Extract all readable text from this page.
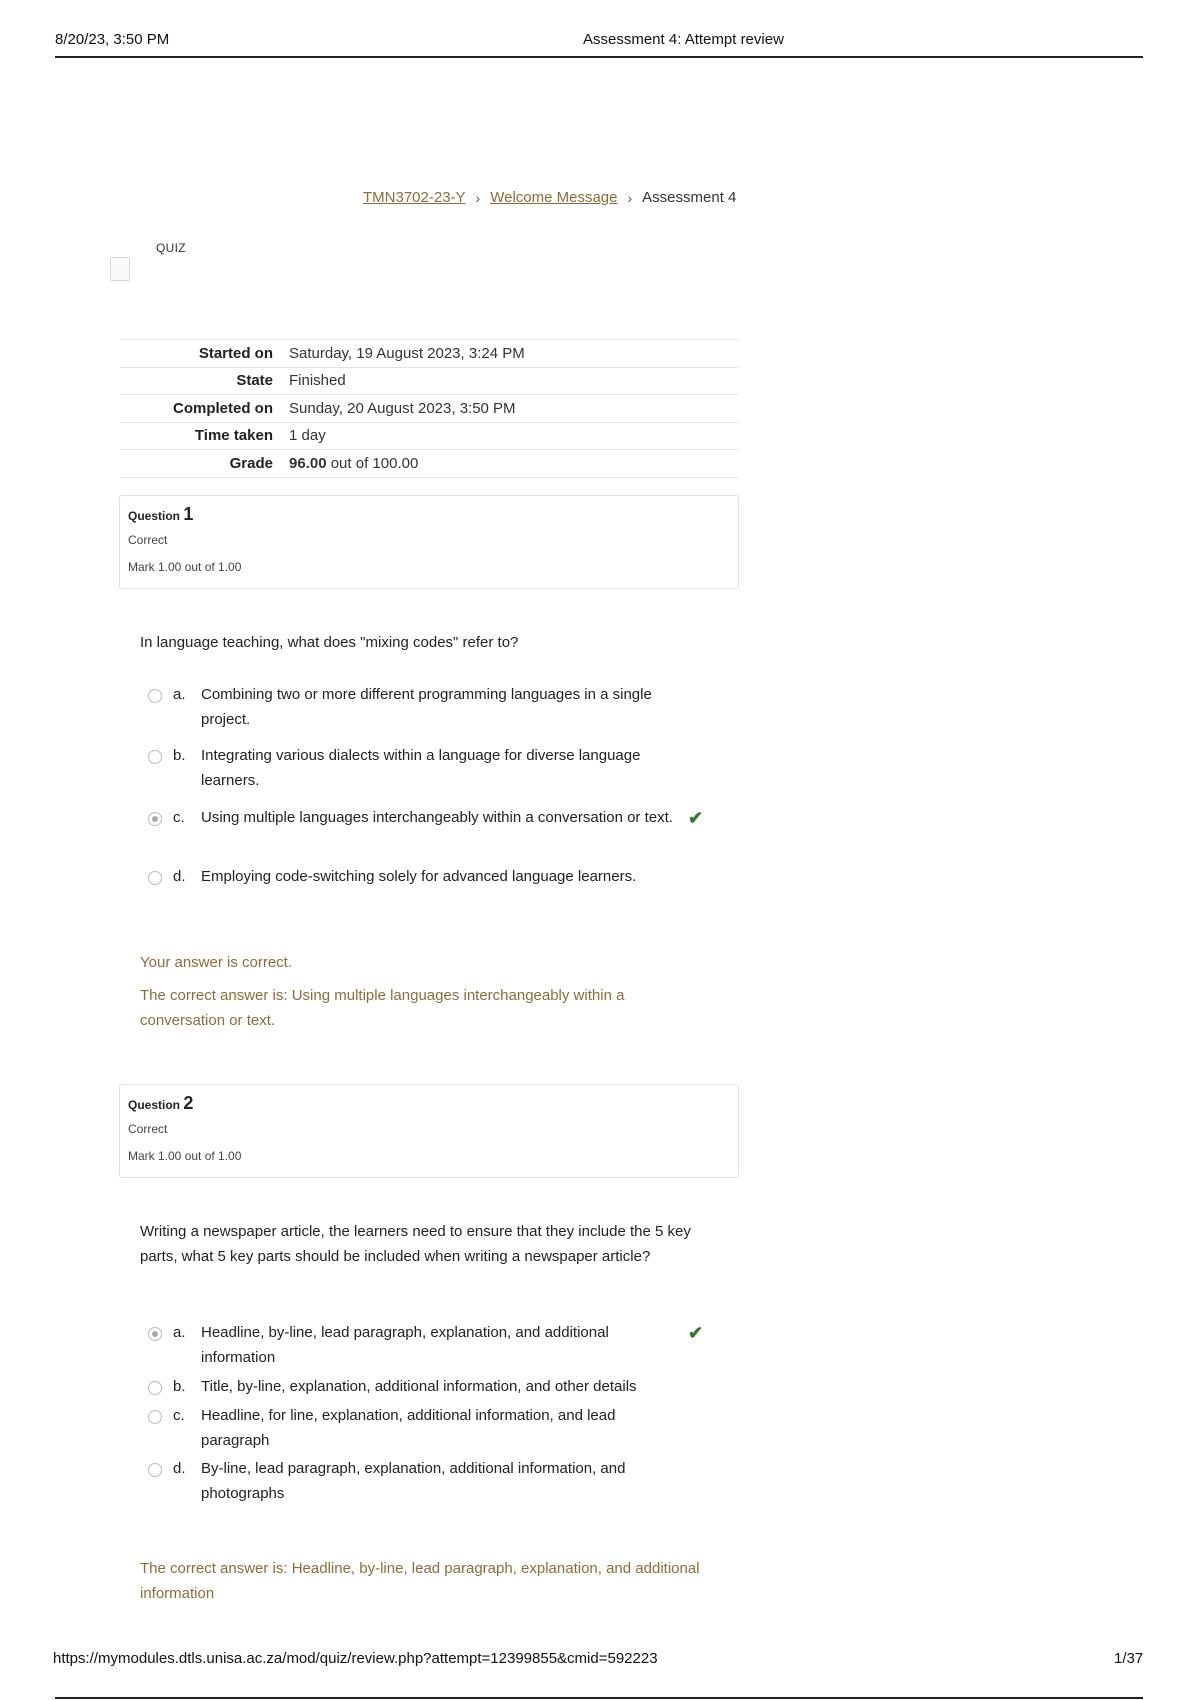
8/20/23, 3:50 PM	Assessment 4: Attempt review
TMN3702-23-Y › Welcome Message › Assessment 4
QUIZ
Started on	Saturday, 19 August 2023, 3:24 PM
State	Finished
Completed on	Sunday, 20 August 2023, 3:50 PM
Time taken	1 day
Grade	96.00 out of 100.00
Question 1
Correct
Mark 1.00 out of 1.00
In language teaching, what does "mixing codes" refer to?
a. Combining two or more different programming languages in a single project.
b. Integrating various dialects within a language for diverse language learners.
c. Using multiple languages interchangeably within a conversation or text. ✔
d. Employing code-switching solely for advanced language learners.
Your answer is correct.
The correct answer is: Using multiple languages interchangeably within a conversation or text.
Question 2
Correct
Mark 1.00 out of 1.00
Writing a newspaper article, the learners need to ensure that they include the 5 key parts, what 5 key parts should be included when writing a newspaper article?
a. Headline, by-line, lead paragraph, explanation, and additional information
✔
b. Title, by-line, explanation, additional information, and other details
c. Headline, for line, explanation, additional information, and lead paragraph
d. By-line, lead paragraph, explanation, additional information, and photographs
The correct answer is: Headline, by-line, lead paragraph, explanation, and additional information
https://mymodules.dtls.unisa.ac.za/mod/quiz/review.php?attempt=12399855&cmid=592223	1/37
